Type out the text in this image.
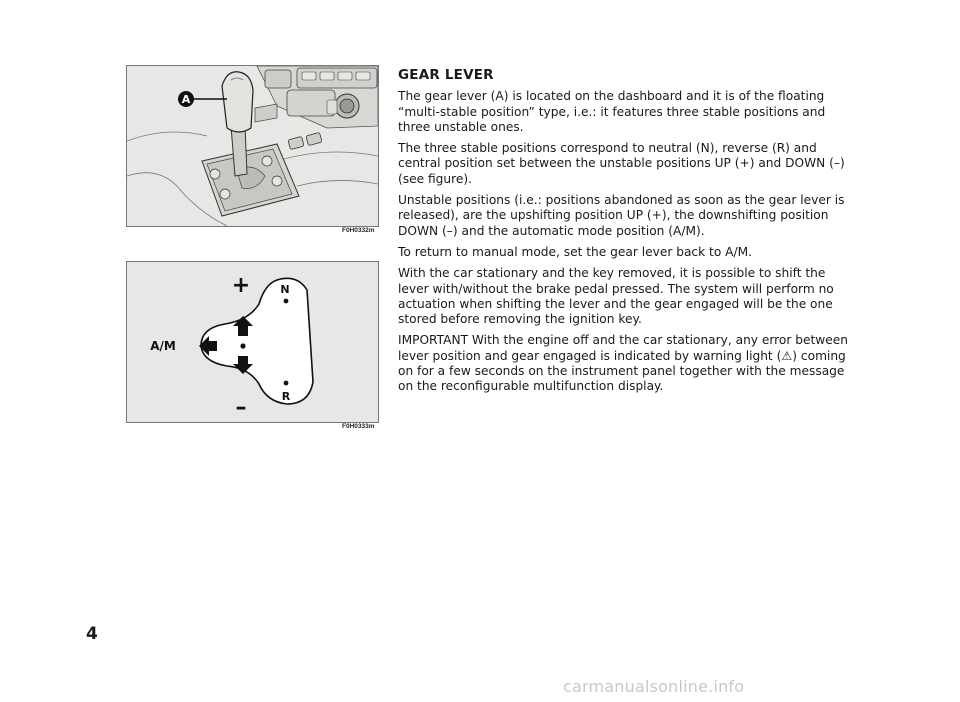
A
F0H0332m
+
–
A/M
N
R
F0H0333m
GEAR LEVER

The gear lever (A) is located on the dashboard and it is of the floating “multi-stable position” type, i.e.: it features three stable positions and three unstable ones.

The three stable positions correspond to neutral (N), reverse (R) and central position set between the unstable positions UP (+) and DOWN (–) (see figure).

Unstable positions (i.e.: positions abandoned as soon as the gear lever is released), are the upshifting position UP (+), the downshifting position DOWN (–) and the automatic mode position (A/M).

To return to manual mode, set the gear lever back to A/M.

With the car stationary and the key removed, it is possible to shift the lever with/without the brake pedal pressed. The system will perform no actuation when shifting the lever and the gear engaged will be the one stored before removing the ignition key.

IMPORTANT With the engine off and the car stationary, any error between lever position and gear engaged is indicated by warning light (⚠) coming on for a few seconds on the instrument panel together with the message on the reconfigurable multifunction display.

4
carmanualsonline.info
